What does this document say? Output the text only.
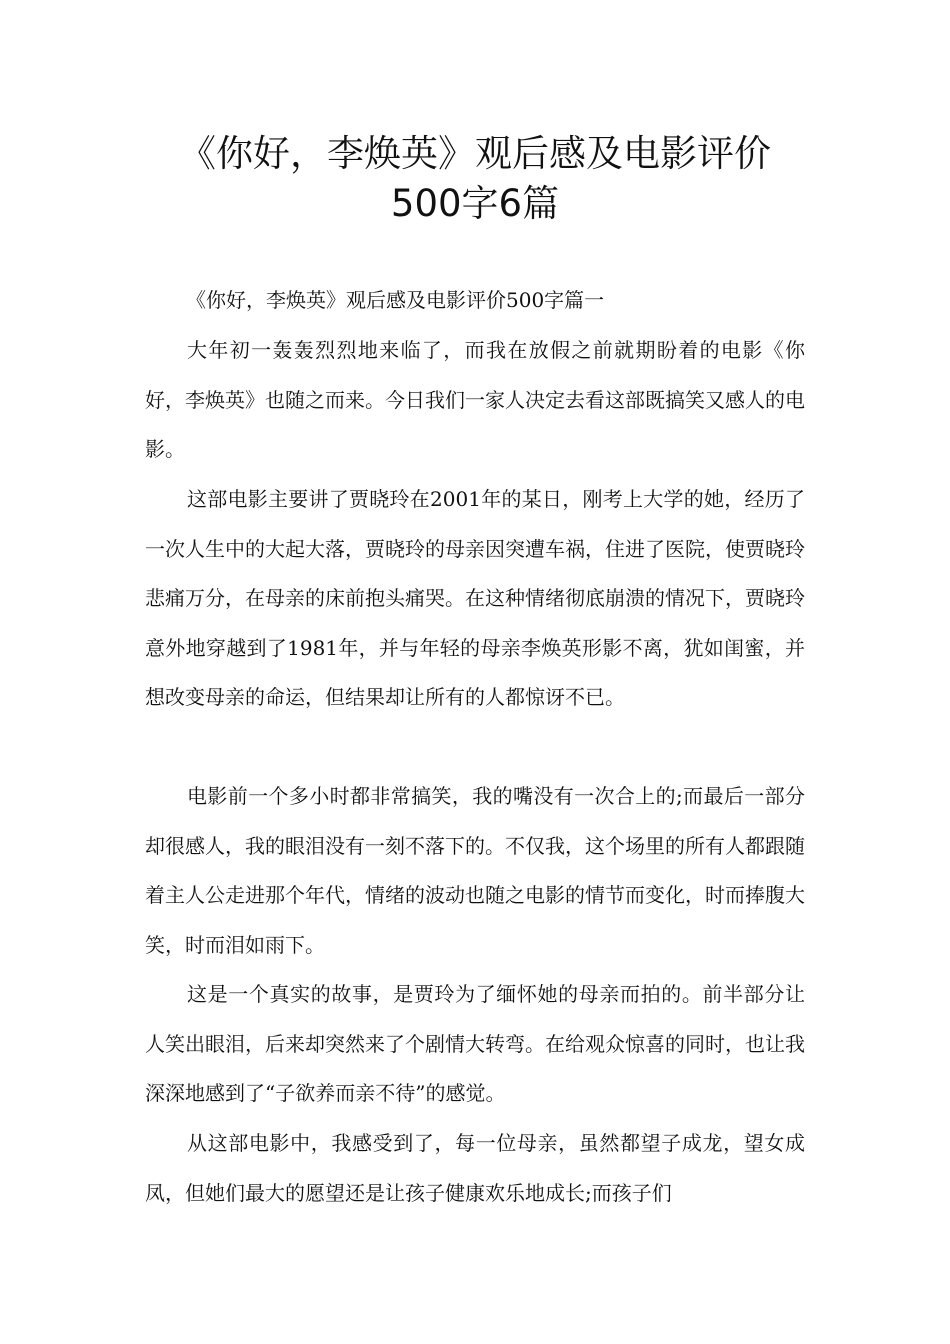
《你好，李焕英》观后感及电影评价
500字6篇

《你好，李焕英》观后感及电影评价500字篇一

大年初一轰轰烈烈地来临了，而我在放假之前就期盼着的电影《你好，李焕英》也随之而来。今日我们一家人决定去看这部既搞笑又感人的电影。

这部电影主要讲了贾晓玲在2001年的某日，刚考上大学的她，经历了一次人生中的大起大落，贾晓玲的母亲因突遭车祸，住进了医院，使贾晓玲悲痛万分，在母亲的床前抱头痛哭。在这种情绪彻底崩溃的情况下，贾晓玲意外地穿越到了1981年，并与年轻的母亲李焕英形影不离，犹如闺蜜，并想改变母亲的命运，但结果却让所有的人都惊讶不已。

电影前一个多小时都非常搞笑，我的嘴没有一次合上的;而最后一部分却很感人，我的眼泪没有一刻不落下的。不仅我，这个场里的所有人都跟随着主人公走进那个年代，情绪的波动也随之电影的情节而变化，时而捧腹大笑，时而泪如雨下。

这是一个真实的故事，是贾玲为了缅怀她的母亲而拍的。前半部分让人笑出眼泪，后来却突然来了个剧情大转弯。在给观众惊喜的同时，也让我深深地感到了“子欲养而亲不待”的感觉。

从这部电影中，我感受到了，每一位母亲，虽然都望子成龙，望女成凤，但她们最大的愿望还是让孩子健康欢乐地成长;而孩子们
